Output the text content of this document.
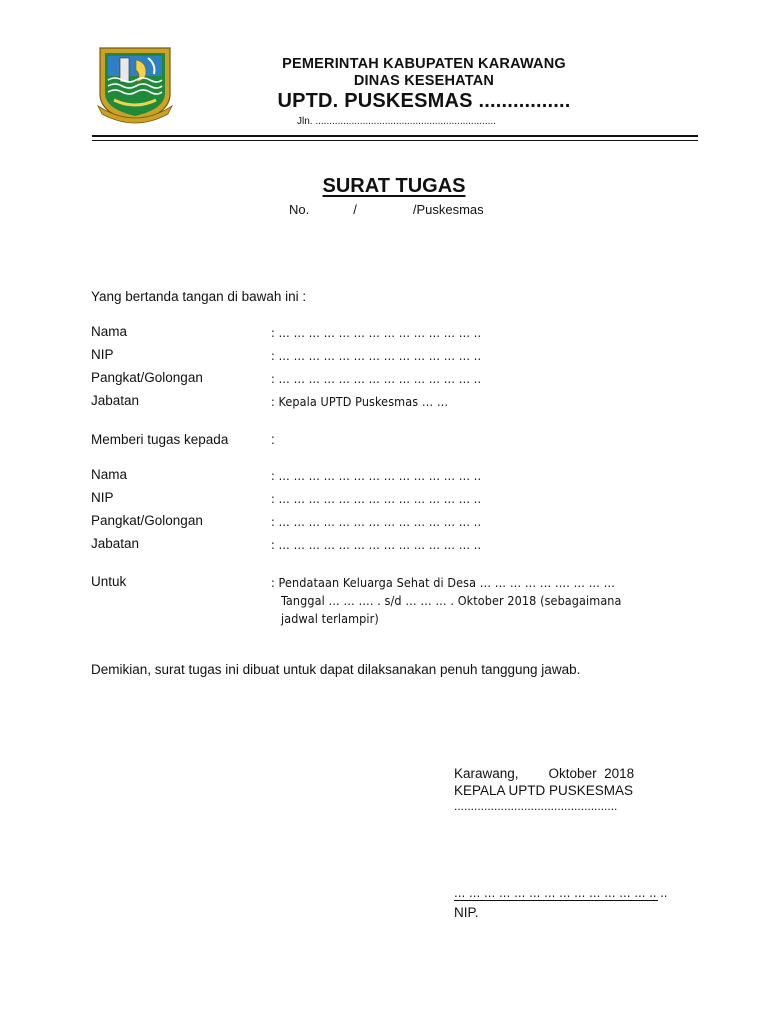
PEMERINTAH KABUPATEN KARAWANG
DINAS KESEHATAN
UPTD. PUSKESMAS ................
Jln. .................................................................
SURAT TUGAS
No.	/	/Puskesmas
Yang bertanda tangan di bawah ini :
Nama	: … … … … … … … … … … … … … ..
NIP	: … … … … … … … … … … … … … ..
Pangkat/Golongan	: … … … … … … … … … … … … … ..
Jabatan	: Kepala UPTD Puskesmas … …
Memberi tugas kepada	:
Nama	: … … … … … … … … … … … … … ..
NIP	: … … … … … … … … … … … … … ..
Pangkat/Golongan	: … … … … … … … … … … … … … ..
Jabatan	: … … … … … … … … … … … … … ..
Untuk	: Pendataan Keluarga Sehat di Desa … … … … … …. … … …
Tanggal … … …. . s/d … … … . Oktober 2018 (sebagaimana
jadwal terlampir)
Demikian, surat tugas ini dibuat untuk dapat dilaksanakan penuh tanggung jawab.
Karawang,        Oktober  2018
KEPALA UPTD PUSKESMAS
.................................................
… … … … … … … … … … … … … .. ..
NIP.
